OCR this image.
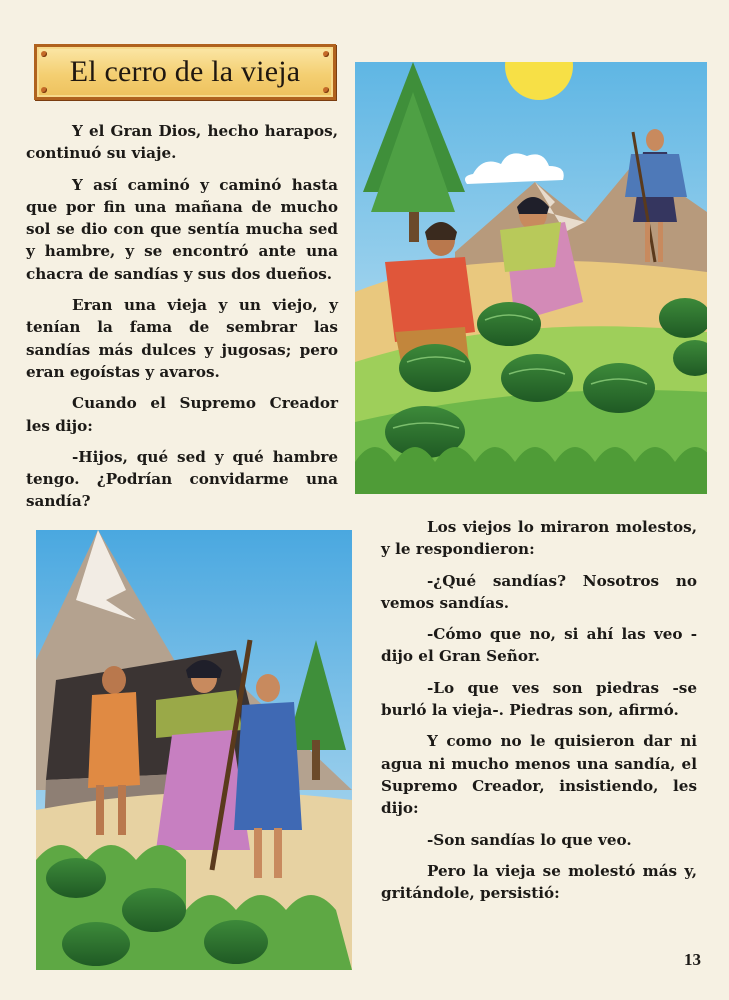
El cerro de la vieja

Y el Gran Dios, hecho harapos, continuó su viaje.

Y así caminó y caminó hasta que por fin una mañana de mucho sol se dio con que sentía mucha sed y hambre, y se encontró ante una chacra de sandías y sus dos dueños.

Eran una vieja y un viejo, y tenían la fama de sembrar las sandías más dulces y jugosas; pero eran egoístas y avaros.

Cuando el Supremo Creador les dijo:

-Hijos, qué sed y qué hambre tengo. ¿Podrían convidarme una sandía?

Los viejos lo miraron molestos, y le respondieron:

-¿Qué sandías? Nosotros no vemos sandías.

-Cómo que no, si ahí las veo -dijo el Gran Señor.

-Lo que ves son piedras -se burló la vieja-. Piedras son, afirmó.

Y como no le quisieron dar ni agua ni mucho menos una sandía, el Supremo Creador, insistiendo, les dijo:

-Son sandías lo que veo.

Pero la vieja se molestó más y, gritándole, persistió:

13
